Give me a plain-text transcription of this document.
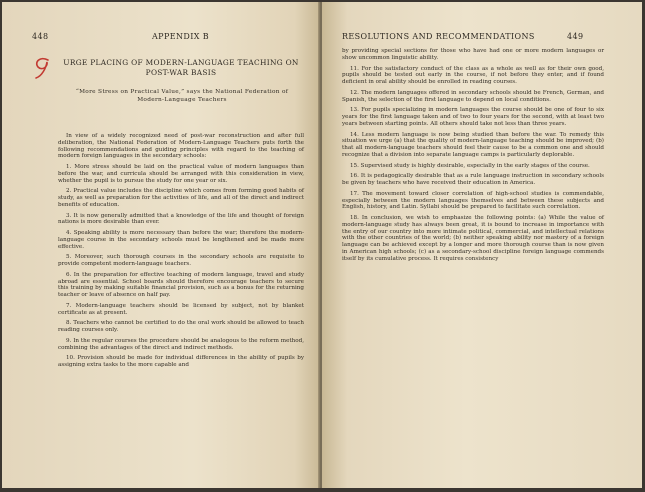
448	APPENDIX B
URGE PLACING OF MODERN-LANGUAGE TEACHING ON POST-WAR BASIS
“More Stress on Practical Value,” says the National Federation of Modern-Language Teachers

In view of a widely recognized need of post-war reconstruction and after full deliberation, the National Federation of Modern-Language Teachers puts forth the following recommendations and guiding principles with regard to the teaching of modern foreign languages in the secondary schools:

1. More stress should be laid on the practical value of modern languages than before the war, and curricula should be arranged with this consideration in view, whether the pupil is to pursue the study for one year or six.

2. Practical value includes the discipline which comes from forming good habits of study, as well as preparation for the activities of life, and all of the direct and indirect benefits of education.

3. It is now generally admitted that a knowledge of the life and thought of foreign nations is more desirable than ever.

4. Speaking ability is more necessary than before the war; therefore the modern-language course in the secondary schools must be lengthened and be made more effective.

5. Moreover, such thorough courses in the secondary schools are requisite to provide competent modern-language teachers.

6. In the preparation for effective teaching of modern language, travel and study abroad are essential. School boards should therefore encourage teachers to secure this training by making suitable financial provision, such as a bonus for the returning teacher or leave of absence on half pay.

7. Modern-language teachers should be licensed by subject, not by blanket certificate as at present.

8. Teachers who cannot be certified to do the oral work should be allowed to teach reading courses only.

9. In the regular courses the procedure should be analogous to the reform method, combining the advantages of the direct and indirect methods.

10. Provision should be made for individual differences in the ability of pupils by assigning extra tasks to the more capable and

RESOLUTIONS AND RECOMMENDATIONS	449

by providing special sections for those who have had one or more modern languages or show uncommon linguistic ability.

11. For the satisfactory conduct of the class as a whole as well as for their own good, pupils should be tested out early in the course, if not before they enter, and if found deficient in oral ability should be enrolled in reading courses.

12. The modern languages offered in secondary schools should be French, German, and Spanish, the selection of the first language to depend on local conditions.

13. For pupils specializing in modern languages the course should be one of four to six years for the first language taken and of two to four years for the second, with at least two years between starting points. All others should take not less than three years.

14. Less modern language is now being studied than before the war. To remedy this situation we urge (a) that the quality of modern-language teaching should be improved; (b) that all modern-language teachers should feel their cause to be a common one and should recognize that a division into separate language camps is particularly deplorable.

15. Supervised study is highly desirable, especially in the early stages of the course.

16. It is pedagogically desirable that as a rule language instruction in secondary schools be given by teachers who have received their education in America.

17. The movement toward closer correlation of high-school studies is commendable, especially between the modern languages themselves and between these subjects and English, history, and Latin. Syllabi should be prepared to facilitate such correlation.

18. In conclusion, we wish to emphasize the following points: (a) While the value of modern-language study has always been great, it is bound to increase in importance with the entry of our country into more intimate political, commercial, and intellectual relations with the other countries of the world; (b) neither speaking ability nor mastery of a foreign language can be achieved except by a longer and more thorough course than is now given in American high schools; (c) as a secondary-school discipline foreign language commends itself by its cumulative process. It requires consistency
